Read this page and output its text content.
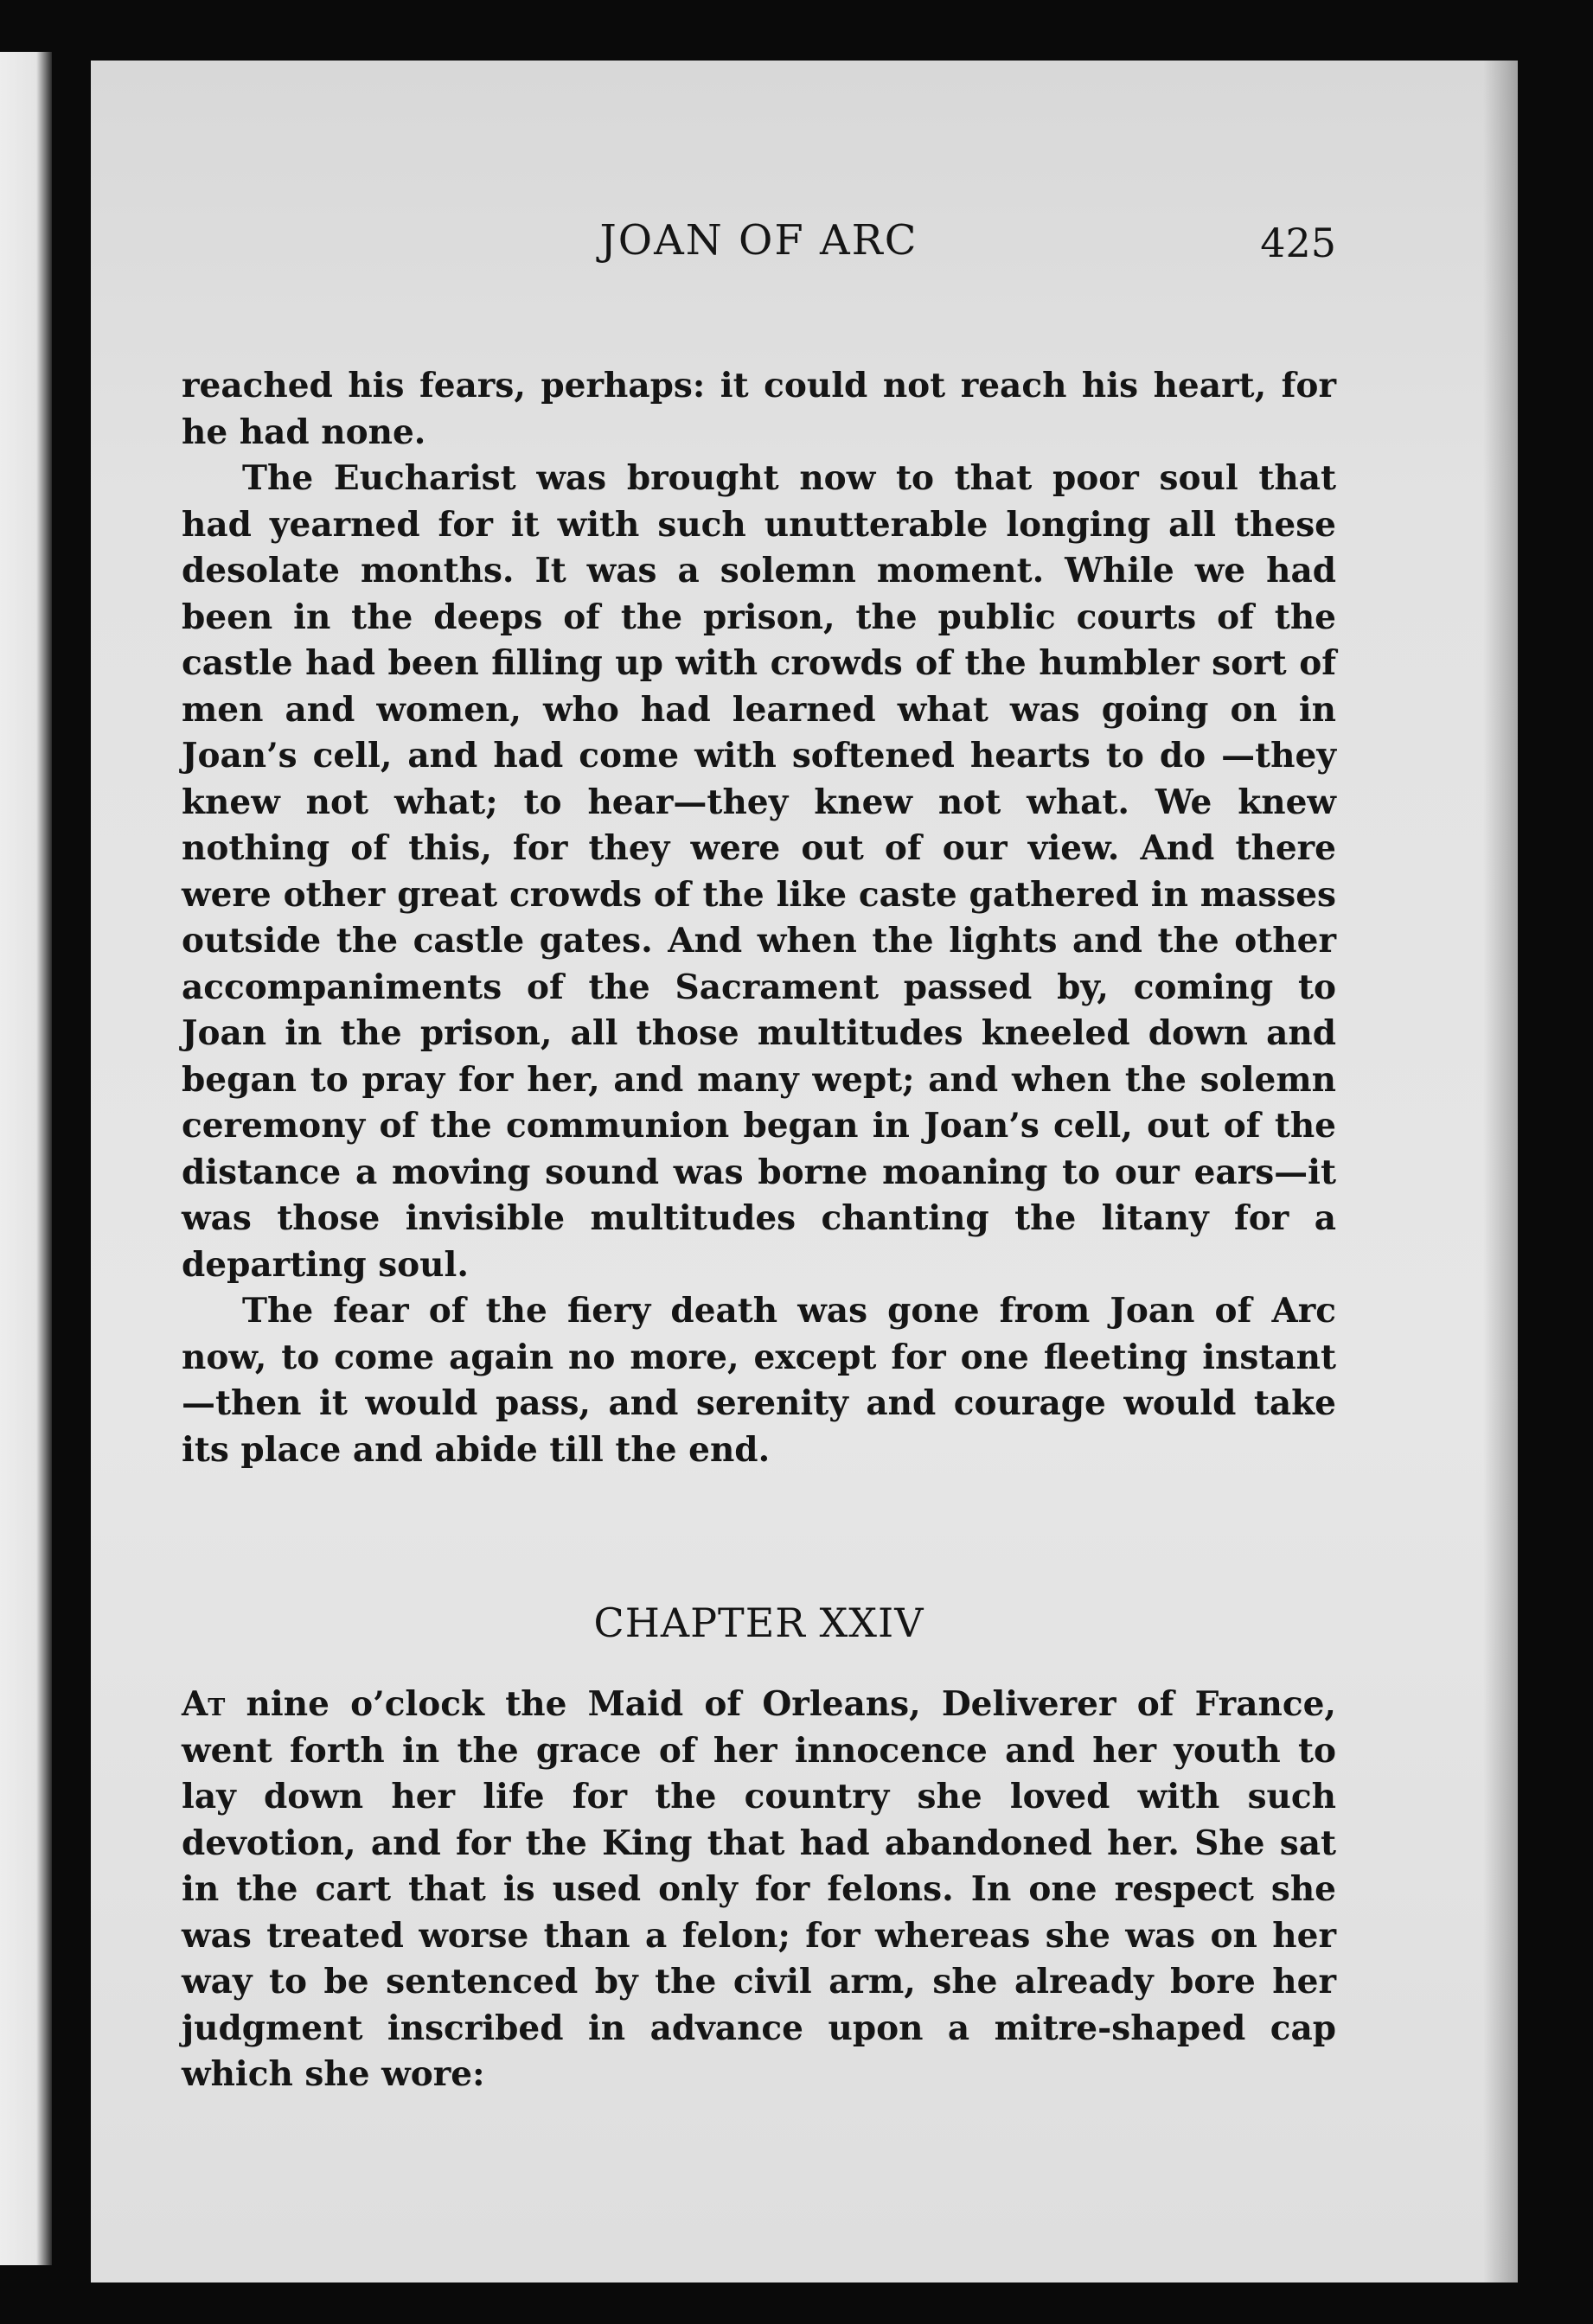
JOAN OF ARC	425

reached his fears, perhaps: it could not reach his heart, for he had none.

The Eucharist was brought now to that poor soul that had yearned for it with such unutterable longing all these desolate months. It was a solemn moment. While we had been in the deeps of the prison, the public courts of the castle had been filling up with crowds of the humbler sort of men and women, who had learned what was going on in Joan’s cell, and had come with softened hearts to do —they knew not what; to hear—they knew not what. We knew nothing of this, for they were out of our view. And there were other great crowds of the like caste gathered in masses outside the castle gates. And when the lights and the other accompaniments of the Sacrament passed by, coming to Joan in the prison, all those multitudes kneeled down and began to pray for her, and many wept; and when the solemn ceremony of the communion began in Joan’s cell, out of the distance a moving sound was borne moaning to our ears—it was those invisible multitudes chanting the litany for a departing soul.

The fear of the fiery death was gone from Joan of Arc now, to come again no more, except for one fleeting instant—then it would pass, and serenity and courage would take its place and abide till the end.

CHAPTER XXIV

At nine o’clock the Maid of Orleans, Deliverer of France, went forth in the grace of her innocence and her youth to lay down her life for the country she loved with such devotion, and for the King that had abandoned her. She sat in the cart that is used only for felons. In one respect she was treated worse than a felon; for whereas she was on her way to be sentenced by the civil arm, she already bore her judgment inscribed in advance upon a mitre-shaped cap which she wore:
